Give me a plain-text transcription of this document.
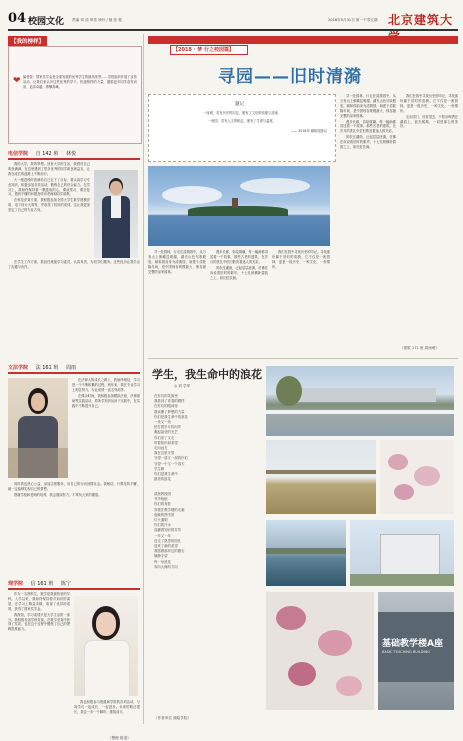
04 校园文化 责编 刘 清 审签 徐叶 / 版 张 强	2018年5月31日 第一千零五期 北京建筑大
【我的榜样】
❤ 编者按：国家奖学金是全面发展的优秀学生的最高荣誉……学校组织开展了宣传活动，让我们来认识这些优秀的学子，传递榜样的力量，激励更多同学奋发向前、追求卓越、勇攀高峰。
电信学院 自 142 班 林悦

我的大学，我的梦想。回首大学的生活，我感觉自己收获满满，在这里遇到了很多优秀的同学和良师益友，让我在成长的道路上不断前行。

大一刚进校时我就给自己定下了目标，要认真学习专业知识，积极参加各类活动，锻炼自己的综合能力。在学习上，我始终保持着一颗进取的心，课前预习、课后复习，遇到不懂的问题及时向老师和同学请教。

在科技竞赛方面，我积极参加全国大学生数学建模竞赛、电子设计大赛等，并取得了较好的成绩，这让我更加坚定了自己的专业方向。

在学生工作方面，我担任班级学习委员，认真负责，为同学们服务。这些经历让我学会了沟通与协作。

文法学院 法 161 班 周雨

在法律人的成长之路上，我始终相信，学习是一个不断积累的过程。两年来，我在专业学习上刻苦努力，专业成绩一直名列前茅。

在课余时间，我积极参加模拟法庭、法律援助等实践活动，将所学知识运用于实践中，在实践中不断提升自己。

同时我也热心公益，参加志愿服务，用自己的行动回馈社会。我相信，只要坚持不懈，就一定能够实现自己的梦想。

感谢学校和老师的培养，我会继续努力，不辜负大家的期望。

理学院 信 161 班 陈宁

作为一名理科生，数学是我最热爱的学科。入学以来，我始终保持着对知识的渴望，在学习上精益求精，取得了优异的成绩，获得了国家奖学金。

我深知，学习成绩只是大学生活的一部分。我积极参加学科竞赛，在数学竞赛中获得了奖项，也在这个过程中锻炼了自己的逻辑思维能力。

我也积极参与班级和学院的各项活动，与同学们一起成长、一起进步。未来的路还很长，我会一步一个脚印，继续前行。

（整理 报道）
【2018 · 梦 行之校园篇】
寻园——旧时清漪
题记
一座城，若有历史的沉淀，便有了文化的底蕴与灵魂，
一座园，若有人文的积淀，便有了生命与温度。
—— 2018年 颐和园游记

寻一处园林，行走在清漪园中，从万寿山上俯瞰昆明湖，湖光山色尽收眼底。颐和园前身为清漪园，始建于清乾隆年间，是中国现存规模最大、保存最完整的皇家园林。

漫步长廊，彩绘斑斓，每一幅画都讲述着一个故事。那些古老的建筑，在岁月的洗礼中依旧散发着迷人的光彩。

风吹过湖面，泛起层层涟漪，仿佛在诉说着旧时的繁华。十七孔桥横卧碧波之上，如长虹饮涧。

我们在园中寻找历史的印记，寻找那份属于旧时的清漪。它不仅是一座园林，更是一段历史、一种文化、一份情怀。

寻一处园林，行走在清漪园中，从万寿山上俯瞰昆明湖，湖光山色尽收眼底。颐和园前身为清漪园，始建于清乾隆年间，是中国现存规模最大、保存最完整的皇家园林。

漫步长廊，彩绘斑斓，每一幅画都讲述着一个故事。那些古老的建筑，在岁月的洗礼中依旧散发着迷人的光彩。

风吹过湖面，泛起层层涟漪，仿佛在诉说着旧时的繁华。十七孔桥横卧碧波之上，如长虹饮涧。

我们在园中寻找历史的印记，寻找那份属于旧时的清漪。它不仅是一座园林，更是一段历史、一种文化、一份情怀。

走出园门，回首望去，夕阳余晖洒在湖面上，波光粼粼，一切是那么的美好。

（建筑 171 班 周雨萌）
学生，我生命中的浪花
◎ 刘 学军
在你们的笑脸里
我看到了青春的模样
在你们的眼神里
我读懂了梦想的力量
你们是我生命中的浪花
一朵又一朵
拍打着岁月的河岸
溅起晶莹的光芒
你们来了又走
带着知识和希望
走向远方
我在这里守望
守望一届又一届的你们
守望一个又一个春天
学生啊
你们是我生命中
最美的浪花
清晨的校园
书声琅琅
你们的身影
穿梭在教学楼的走廊
夜晚的图书馆
灯火通明
你们的汗水
浇灌着知识的芬芳
一年又一年
送走了熟悉的面孔
迎来了新的希望
我愿做那岸边的礁石
静静守望
每一朵浪花
奔向大海的方向
（作者单位 测绘学院）
基础教学楼A座
BASIC TEACHING BUILDING
